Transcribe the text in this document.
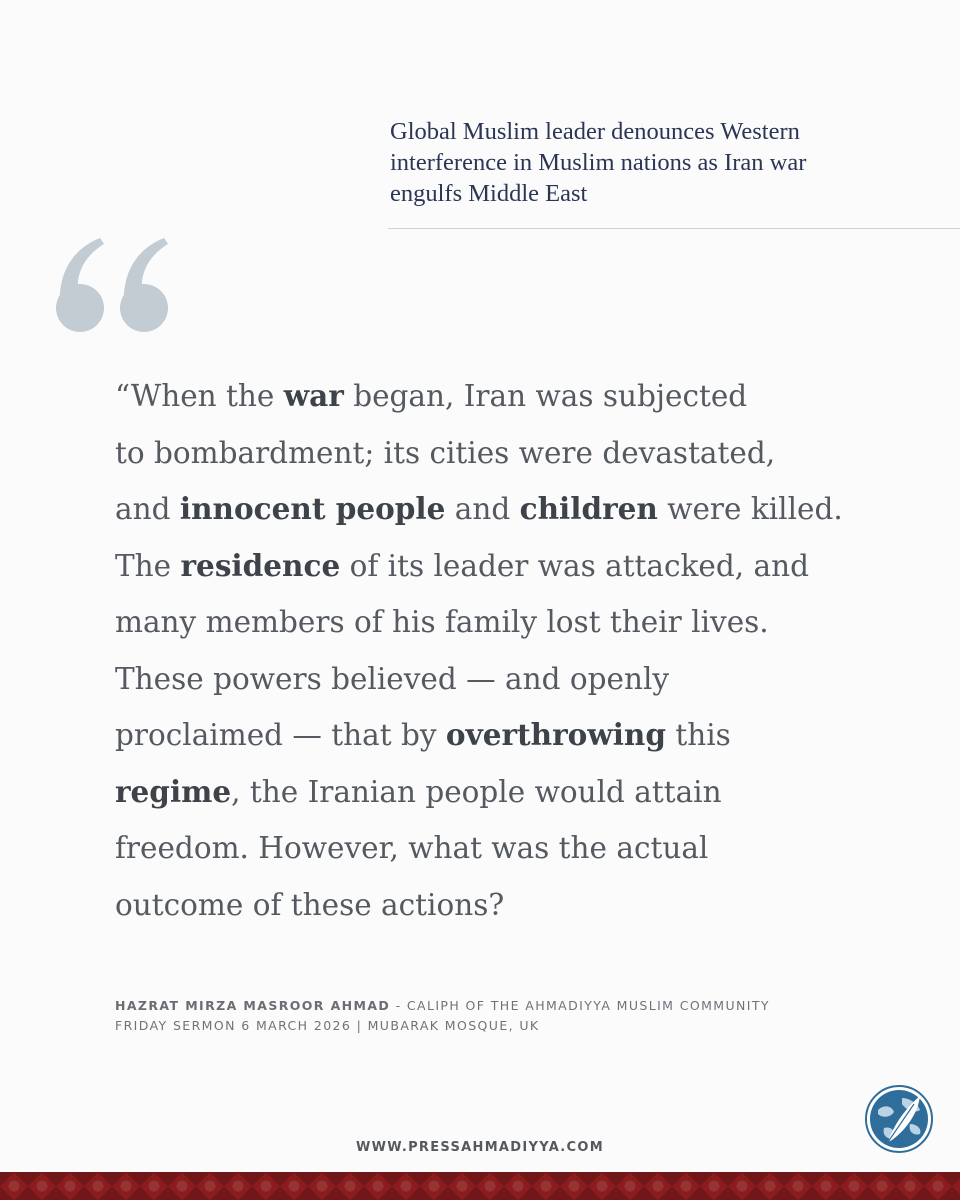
Global Muslim leader denounces Western
interference in Muslim nations as Iran war
engulfs Middle East

“When the war began, Iran was subjected
to bombardment; its cities were devastated,
and innocent people and children were killed.
The residence of its leader was attacked, and
many members of his family lost their lives.
These powers believed — and openly
proclaimed — that by overthrowing this
regime, the Iranian people would attain
freedom. However, what was the actual
outcome of these actions?

HAZRAT MIRZA MASROOR AHMAD - CALIPH OF THE AHMADIYYA MUSLIM COMMUNITY
FRIDAY SERMON 6 MARCH 2026 | MUBARAK MOSQUE, UK
WWW.PRESSAHMADIYYA.COM
